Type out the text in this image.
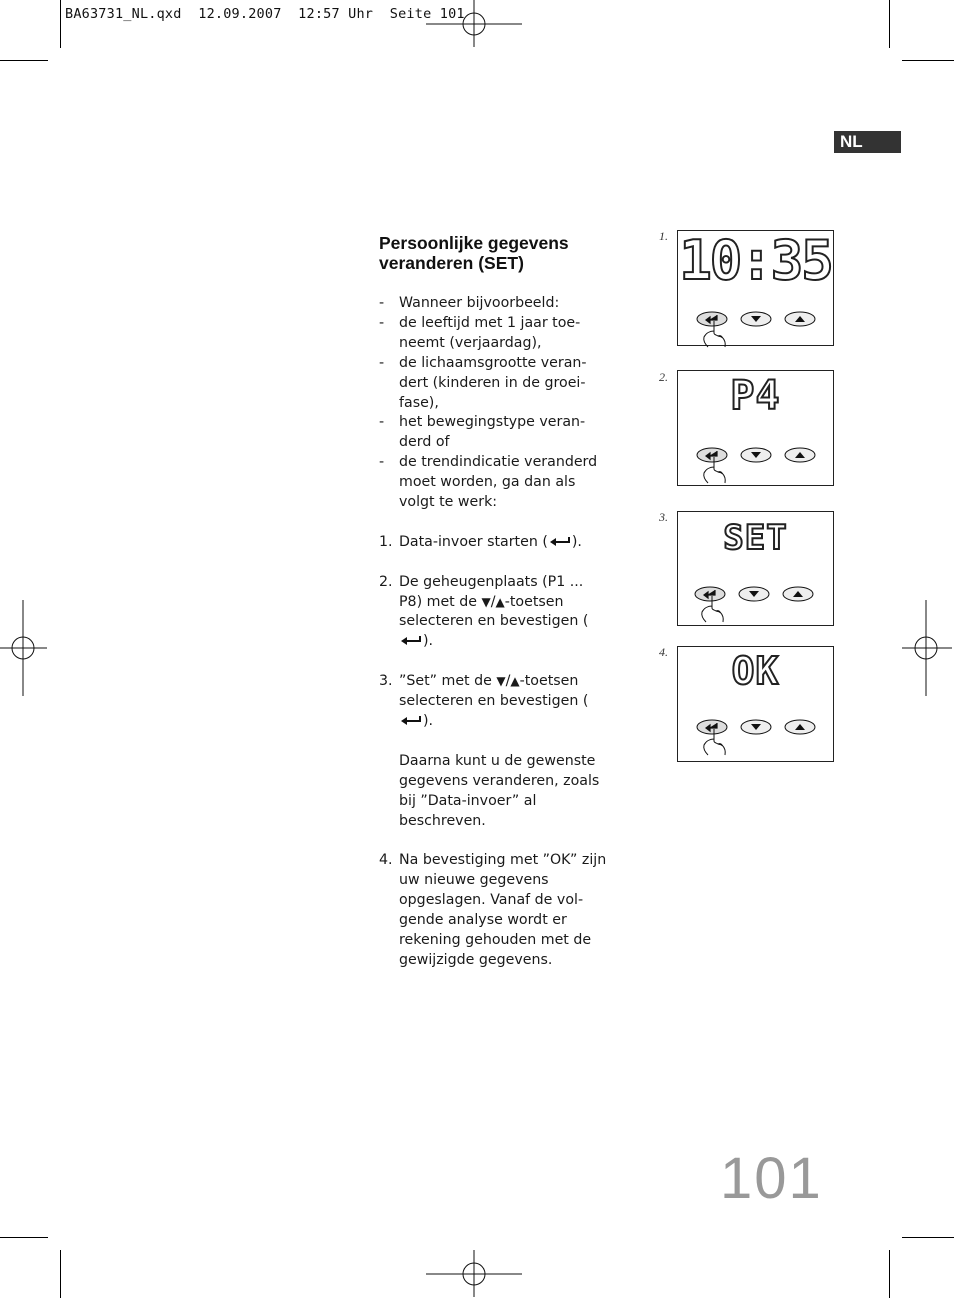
BA63731_NL.qxd  12.09.2007  12:57 Uhr  Seite 101
NL
Persoonlijke gegevens veranderen (SET)
- Wanneer bijvoorbeeld:
- de leeftijd met 1 jaar toe-neemt (verjaardag),
- de lichaamsgrootte veran-dert (kinderen in de groei-fase),
- het bewegingstype veran-derd of
- de trendindicatie veranderd moet worden, ga dan als volgt te werk:
1. Data-invoer starten ( ).
2. De geheugenplaats (P1 ... P8) met de ▼/▲-toetsen selecteren en bevestigen ().
3. ”Set” met de ▼/▲-toetsen selecteren en bevestigen ().
Daarna kunt u de gewenste gegevens veranderen, zoals bij ”Data-invoer” al beschreven.
4. Na bevestiging met ”OK” zijn uw nieuwe gegevens opgeslagen. Vanaf de vol-gende analyse wordt er rekening gehouden met de gewijzigde gegevens.
1. 10:35
2.	P4
3.
SET
4.	OK
101
